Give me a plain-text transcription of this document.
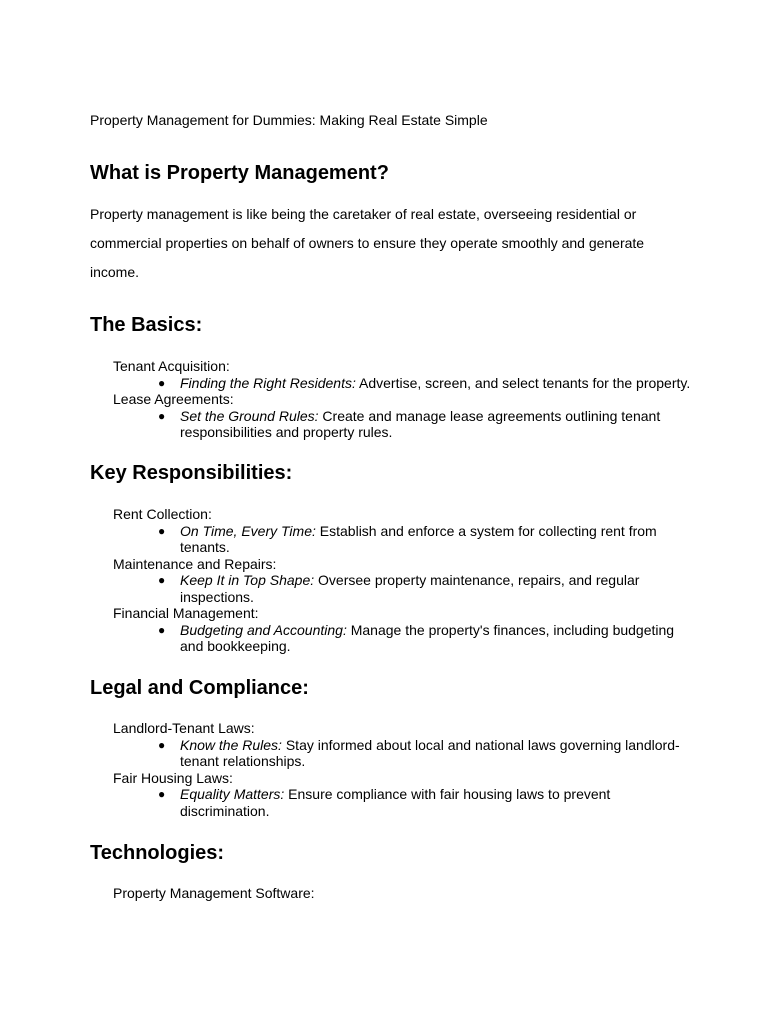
Property Management for Dummies: Making Real Estate Simple

What is Property Management?

Property management is like being the caretaker of real estate, overseeing residential or commercial properties on behalf of owners to ensure they operate smoothly and generate income.

The Basics:
Tenant Acquisition:

● Finding the Right Residents: Advertise, screen, and select tenants for the property.

Lease Agreements:

● Set the Ground Rules: Create and manage lease agreements outlining tenant responsibilities and property rules.

Key Responsibilities:
Rent Collection:

● On Time, Every Time: Establish and enforce a system for collecting rent from tenants.

Maintenance and Repairs:

● Keep It in Top Shape: Oversee property maintenance, repairs, and regular inspections.

Financial Management:

● Budgeting and Accounting: Manage the property's finances, including budgeting and bookkeeping.

Legal and Compliance:
Landlord-Tenant Laws:

● Know the Rules: Stay informed about local and national laws governing landlord-tenant relationships.

Fair Housing Laws:

● Equality Matters: Ensure compliance with fair housing laws to prevent discrimination.

Technologies:
Property Management Software:
